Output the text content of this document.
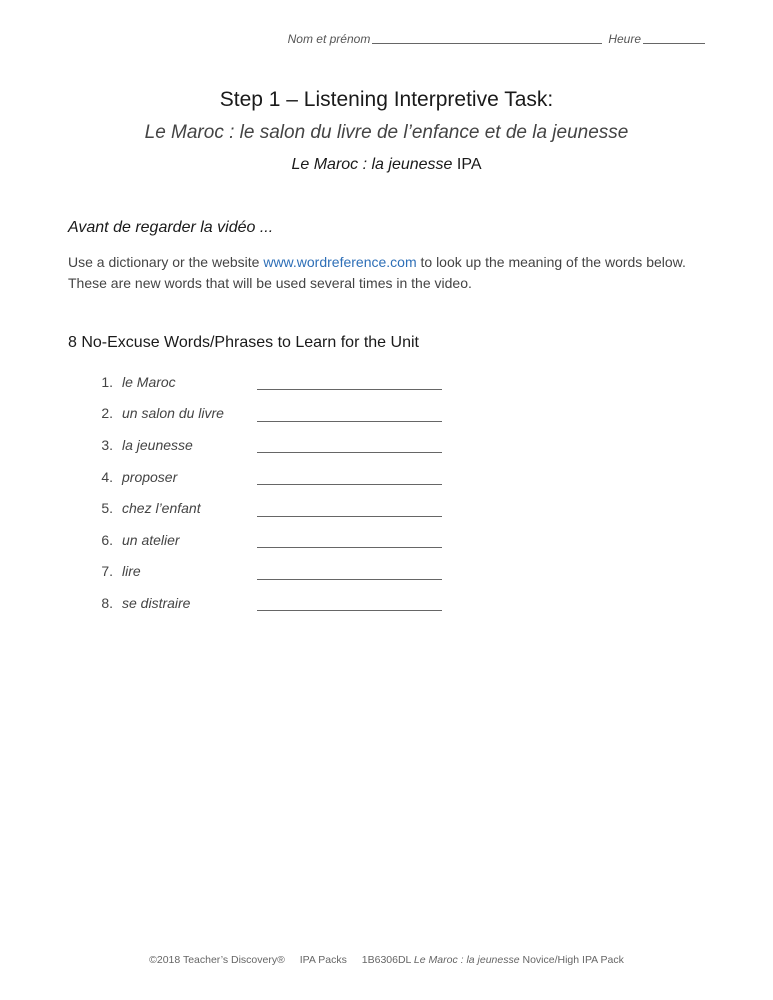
Nom et prénom	Heure
Step 1 – Listening Interpretive Task:
Le Maroc : le salon du livre de l’enfance et de la jeunesse
Le Maroc : la jeunesse IPA
Avant de regarder la vidéo ...
Use a dictionary or the website www.wordreference.com to look up the meaning of the words below. These are new words that will be used several times in the video.
8 No-Excuse Words/Phrases to Learn for the Unit
1. le Maroc
2. un salon du livre
3. la jeunesse
4. proposer
5. chez l’enfant
6. un atelier
7. lire
8. se distraire
©2018 Teacher’s Discovery® IPA Packs 1B6306DL Le Maroc : la jeunesse Novice/High IPA Pack
